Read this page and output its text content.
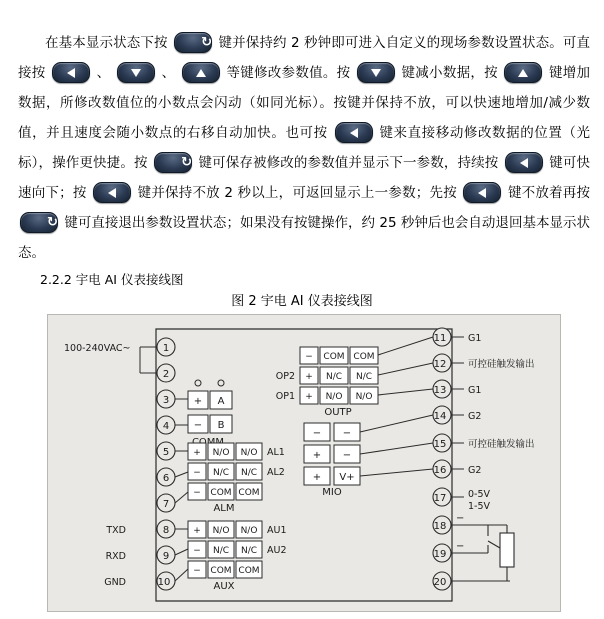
在基本显示状态下按	↻ 键并保持约 2 秒钟即可进入自定义的现场参数设置状态。可直接按	、	、	等键修改参数值。按	键减小数据，按	键增加数据，所修改数值位的小数点会闪动（如同光标）。按键并保持不放，可以快速地增加/减少数值，并且速度会随小数点的右移自动加快。也可按	键来直接移动修改数据的位置（光标），操作更快捷。按	↻ 键可保存被修改的参数值并显示下一参数，持续按	键可快速向下；按	键并保持不放 2 秒以上，可返回显示上一参数；先按	键不放着再按
↻ 键可直接退出参数设置状态；如果没有按键操作，约 25 秒钟后也会自动退回基本显示状态。

2.2.2 宇电 AI 仪表接线图
图 2 宇电 AI 仪表接线图
1
2
3
4
5
6
7
8
9
10
11
12
13
14
15
16
17
18
19
20
100-240VAC~
TXD
RXD
GND
+ A
− B
+ N/O N/O
− N/C N/C
− COM COM
AL1
AL2
ALM
+ N/O N/O
− N/C N/C
− COM COM
AU1
AU2
AUX
− COM COM
+ N/C N/C
+ N/O N/O
OP2
OP1
OUTP
− −
+ −
+ V+
MIO
G1
可控硅触发输出
G1
G2
可控硅触发输出
G2
0-5V
1-5V
−
−
